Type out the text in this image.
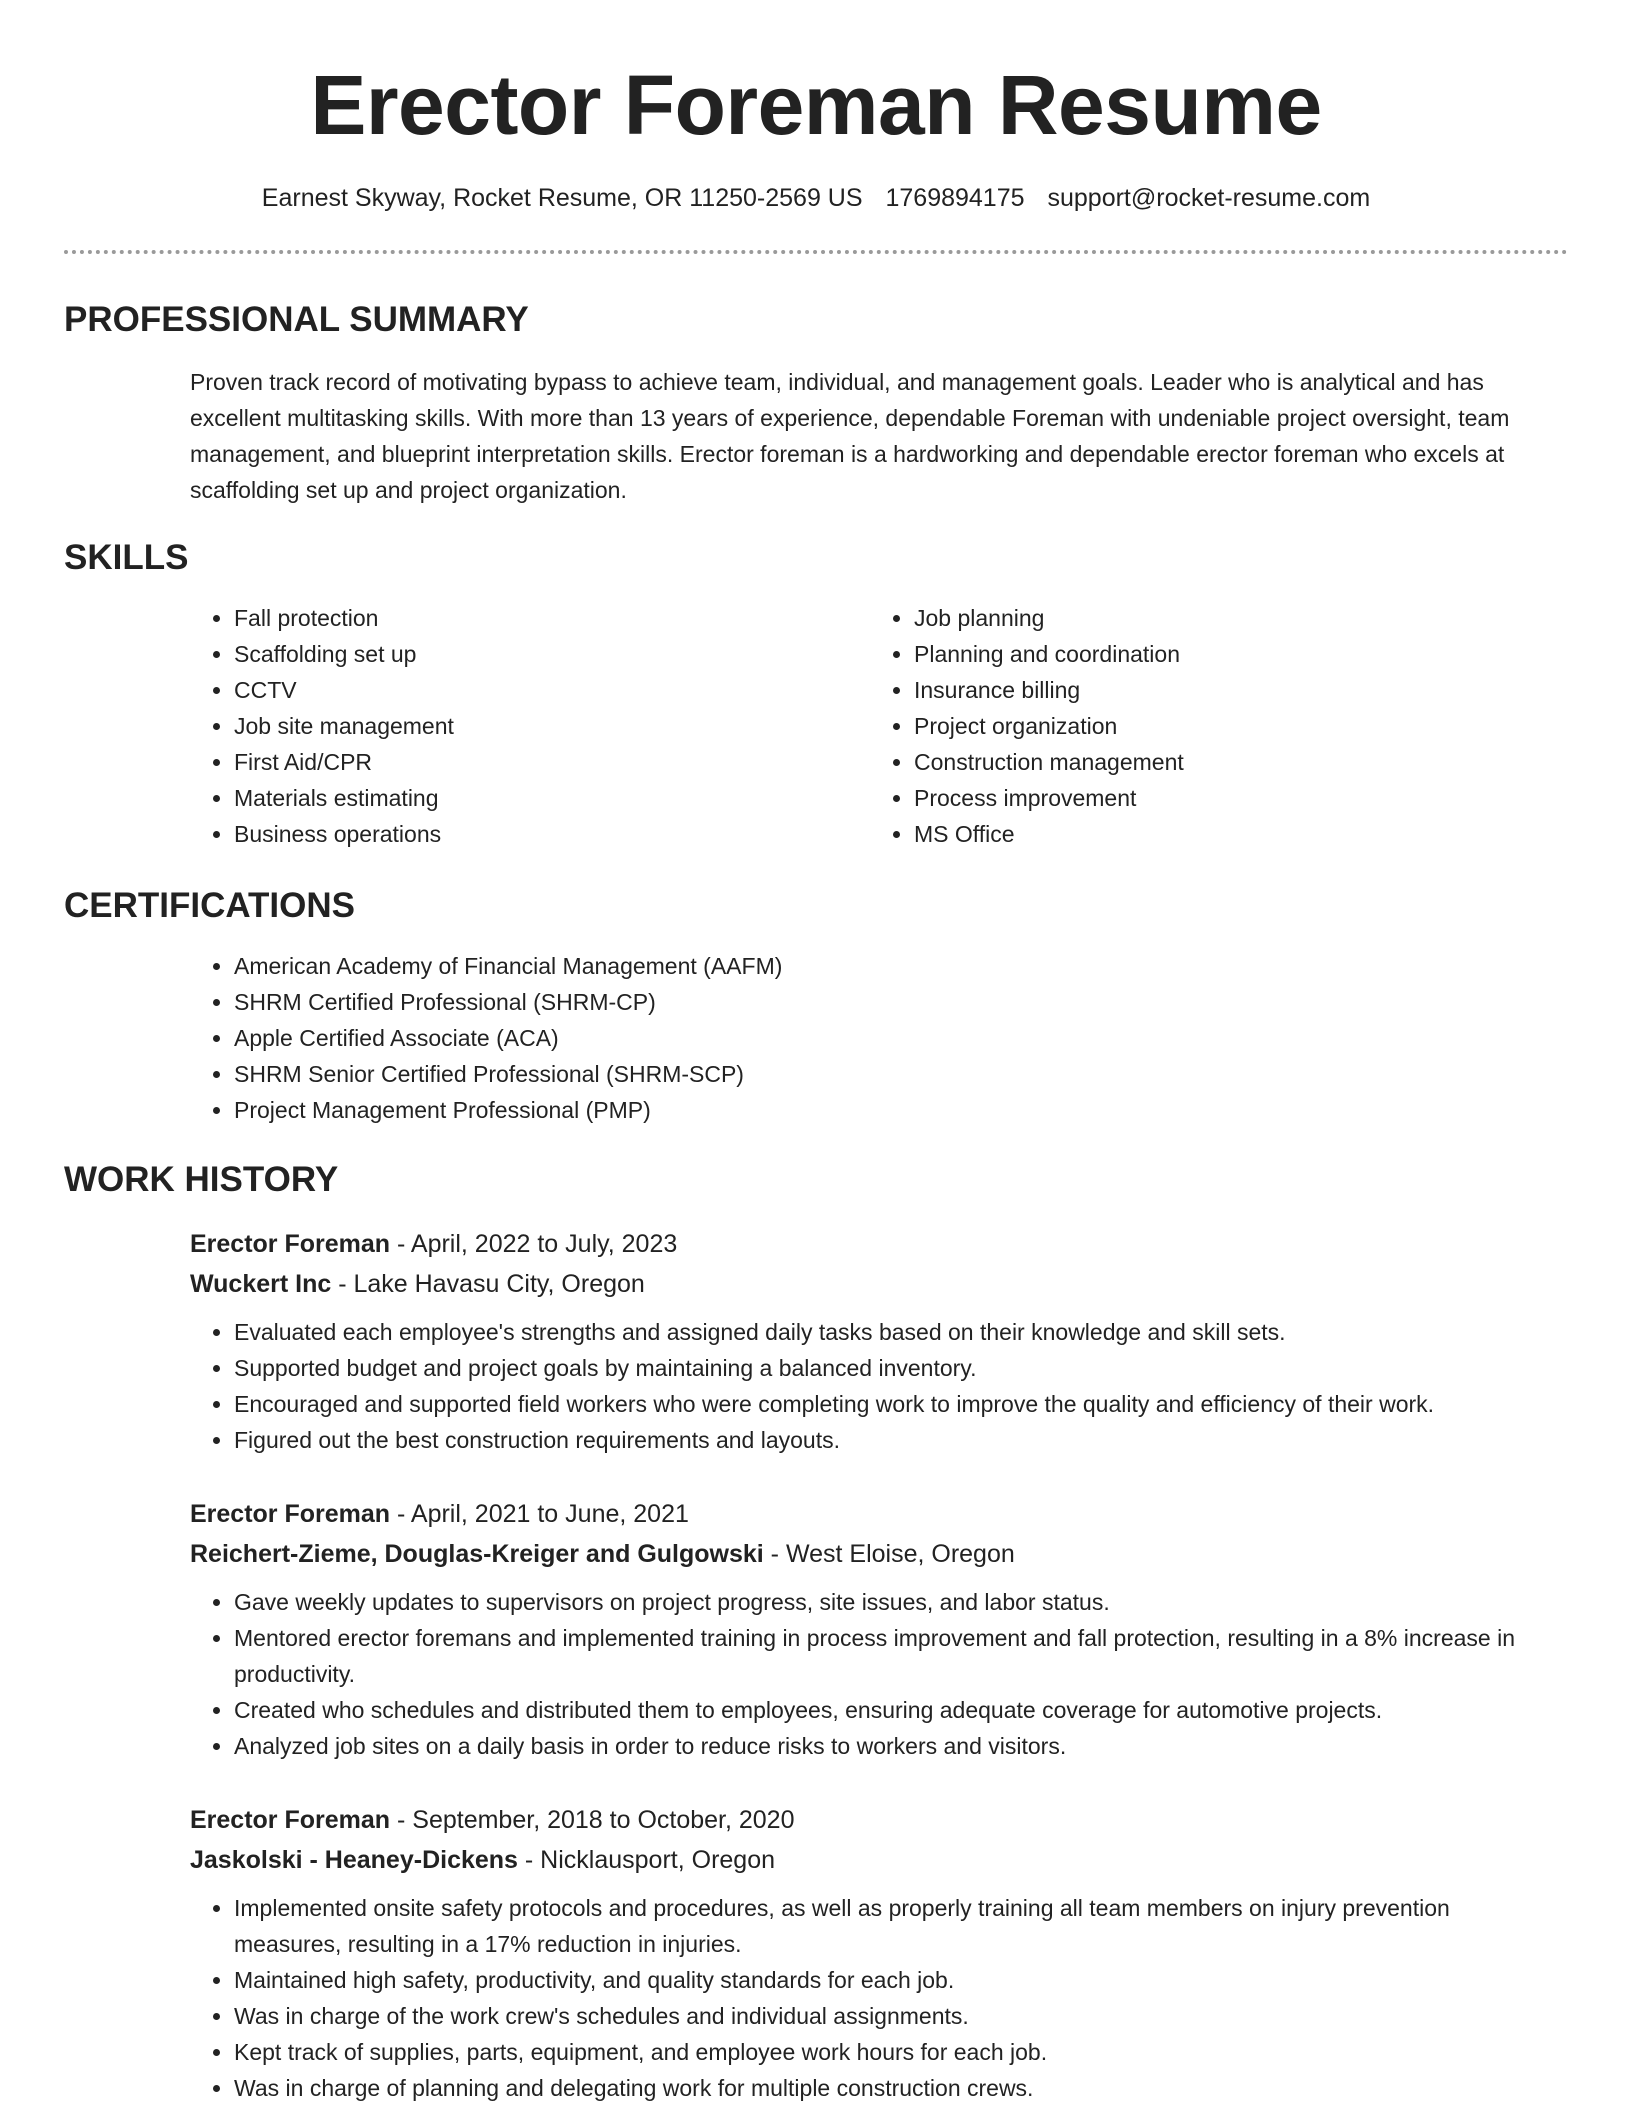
Erector Foreman Resume
Earnest Skyway, Rocket Resume, OR 11250-2569 US 1769894175 support@rocket-resume.com
PROFESSIONAL SUMMARY

Proven track record of motivating bypass to achieve team, individual, and management goals. Leader who is analytical and has excellent multitasking skills. With more than 13 years of experience, dependable Foreman with undeniable project oversight, team management, and blueprint interpretation skills. Erector foreman is a hardworking and dependable erector foreman who excels at scaffolding set up and project organization.

SKILLS
• Fall protection
• Scaffolding set up
• CCTV
• Job site management
• First Aid/CPR
• Materials estimating
• Business operations
• Job planning
• Planning and coordination
• Insurance billing
• Project organization
• Construction management
• Process improvement
• MS Office
CERTIFICATIONS
• American Academy of Financial Management (AAFM)
• SHRM Certified Professional (SHRM-CP)
• Apple Certified Associate (ACA)
• SHRM Senior Certified Professional (SHRM-SCP)
• Project Management Professional (PMP)
WORK HISTORY

Erector Foreman - April, 2022 to July, 2023

Wuckert Inc - Lake Havasu City, Oregon

• Evaluated each employee's strengths and assigned daily tasks based on their knowledge and skill sets.
• Supported budget and project goals by maintaining a balanced inventory.
• Encouraged and supported field workers who were completing work to improve the quality and efficiency of their work.
• Figured out the best construction requirements and layouts.

Erector Foreman - April, 2021 to June, 2021

Reichert-Zieme, Douglas-Kreiger and Gulgowski - West Eloise, Oregon

• Gave weekly updates to supervisors on project progress, site issues, and labor status.
• Mentored erector foremans and implemented training in process improvement and fall protection, resulting in a 8% increase in productivity.
• Created who schedules and distributed them to employees, ensuring adequate coverage for automotive projects.
• Analyzed job sites on a daily basis in order to reduce risks to workers and visitors.

Erector Foreman - September, 2018 to October, 2020

Jaskolski - Heaney-Dickens - Nicklausport, Oregon

• Implemented onsite safety protocols and procedures, as well as properly training all team members on injury prevention measures, resulting in a 17% reduction in injuries.
• Maintained high safety, productivity, and quality standards for each job.
• Was in charge of the work crew's schedules and individual assignments.
• Kept track of supplies, parts, equipment, and employee work hours for each job.
• Was in charge of planning and delegating work for multiple construction crews.
